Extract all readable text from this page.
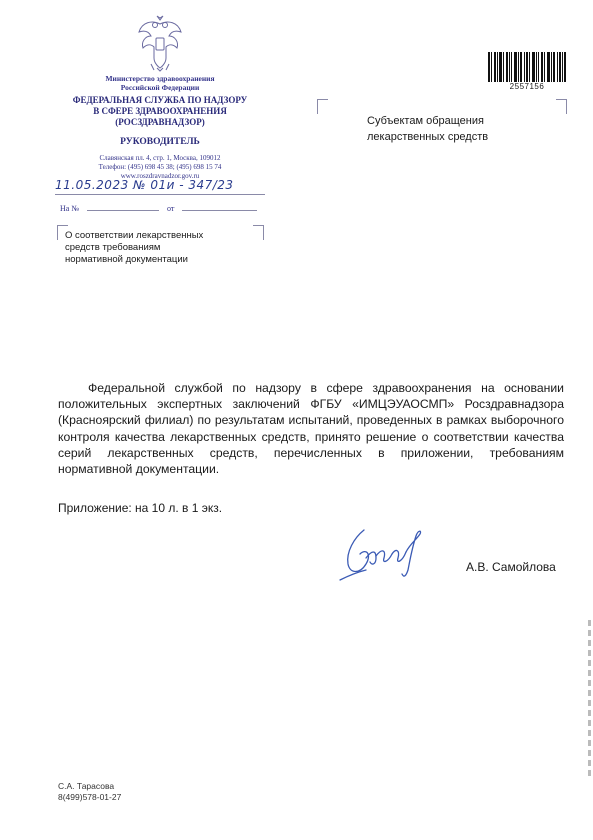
Министерство здравоохранения
Российской Федерации
ФЕДЕРАЛЬНАЯ СЛУЖБА ПО НАДЗОРУ
В СФЕРЕ ЗДРАВООХРАНЕНИЯ
(РОСЗДРАВНАДЗОР)
РУКОВОДИТЕЛЬ
Славянская пл. 4, стр. 1, Москва, 109012
Телефон: (495) 698 45 38; (495) 698 15 74
www.roszdravnadzor.gov.ru
11.05.2023 № 01и - 347/23
На №	от
2557156
Субъектам обращения
лекарственных средств
О соответствии лекарственных
средств требованиям
нормативной документации
Федеральной службой по надзору в сфере здравоохранения на основании положительных экспертных заключений ФГБУ «ИМЦЭУАОСМП» Росздравнадзора (Красноярский филиал) по результатам испытаний, проведенных в рамках выборочного контроля качества лекарственных средств, принято решение о соответствии качества серий лекарственных средств, перечисленных в приложении, требованиям нормативной документации.
Приложение: на 10 л. в 1 экз.
А.В. Самойлова
С.А. Тарасова
8(499)578-01-27
